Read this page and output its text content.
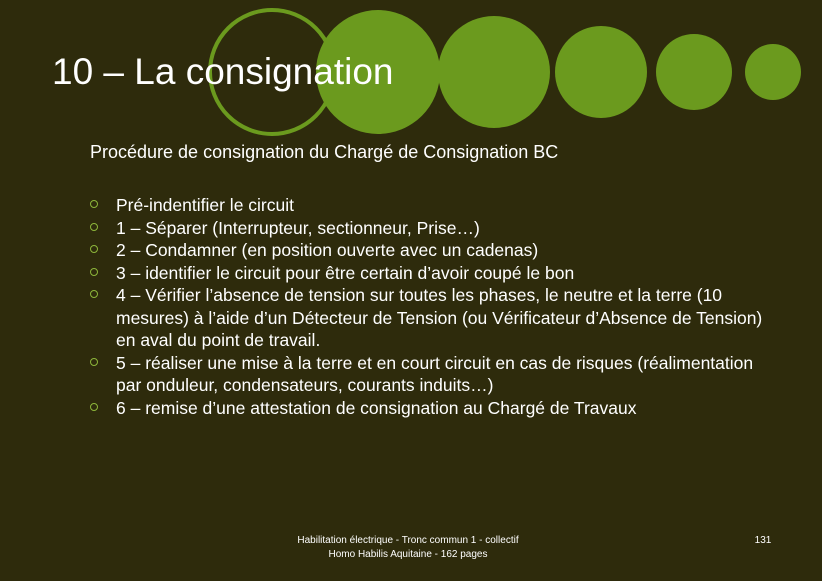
10 – La consignation
Procédure de consignation du Chargé de Consignation BC
Pré-indentifier le circuit
1 – Séparer (Interrupteur, sectionneur, Prise…)
2 – Condamner (en position ouverte avec un cadenas)
3 – identifier le circuit pour être certain d’avoir coupé le bon
4 – Vérifier l’absence de tension sur toutes les phases, le neutre et la terre (10 mesures) à l’aide d’un Détecteur de Tension (ou Vérificateur d’Absence de Tension) en aval du point de travail.
5 – réaliser une mise à la terre et en court circuit en cas de risques (réalimentation par onduleur, condensateurs, courants induits…)
6 – remise d’une attestation de consignation au Chargé de Travaux
Habilitation électrique - Tronc commun 1 - collectif
Homo Habilis Aquitaine - 162 pages
131
